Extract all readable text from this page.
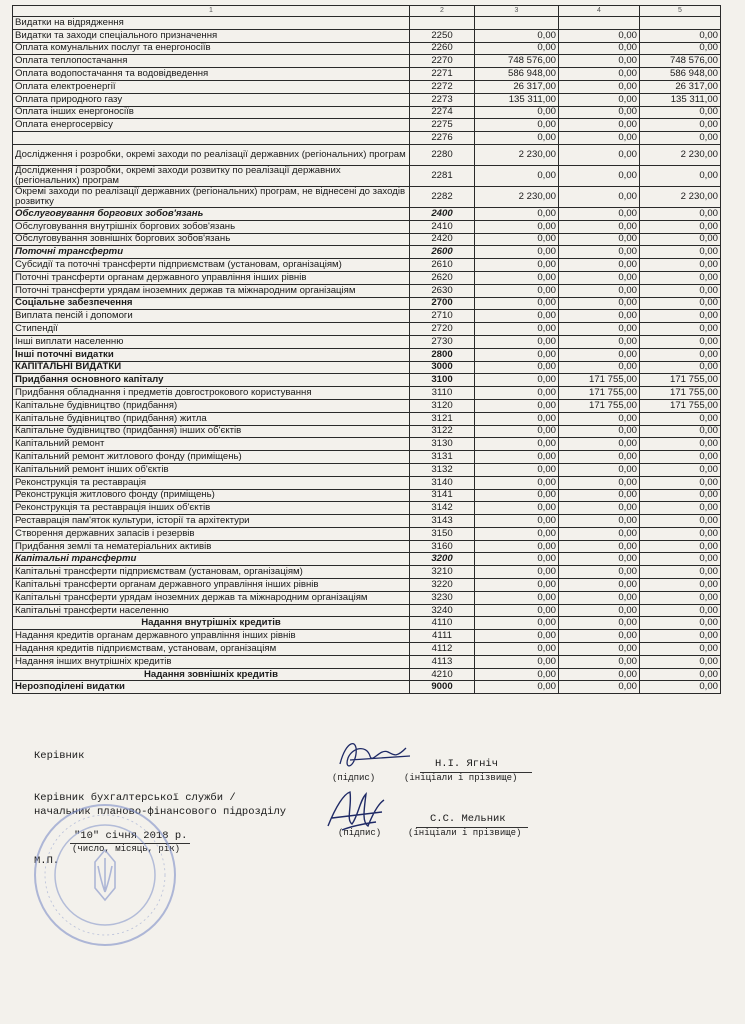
1	2	3	4	5
Видатки на відрядження				
Видатки та заходи спеціального призначення	2250	0,00	0,00	0,00
Оплата комунальних послуг та енергоносіїв	2260	0,00	0,00	0,00
Оплата теплопостачання	2270	748 576,00	0,00	748 576,00
Оплата водопостачання та водовідведення	2271	586 948,00	0,00	586 948,00
Оплата електроенергії	2272	26 317,00	0,00	26 317,00
Оплата природного газу	2273	135 311,00	0,00	135 311,00
Оплата інших енергоносіїв	2274	0,00	0,00	0,00
Оплата енергосервісу	2275	0,00	0,00	0,00
	2276	0,00	0,00	0,00
Дослідження і розробки, окремі заходи по реалізації державних (регіональних) програм	2280	2 230,00	0,00	2 230,00
Дослідження і розробки, окремі заходи розвитку по реалізації державних (регіональних) програм	2281	0,00	0,00	0,00
Окремі заходи по реалізації державних (регіональних) програм, не віднесені до заходів розвитку	2282	2 230,00	0,00	2 230,00
Обслуговування боргових зобов'язань	2400	0,00	0,00	0,00
Обслуговування внутрішніх боргових зобов'язань	2410	0,00	0,00	0,00
Обслуговування зовнішніх боргових зобов'язань	2420	0,00	0,00	0,00
Поточні трансферти	2600	0,00	0,00	0,00
Субсидії та поточні трансферти підприємствам (установам, організаціям)	2610	0,00	0,00	0,00
Поточні трансферти органам державного управління інших рівнів	2620	0,00	0,00	0,00
Поточні трансферти урядам іноземних держав та міжнародним організаціям	2630	0,00	0,00	0,00
Соціальне забезпечення	2700	0,00	0,00	0,00
Виплата пенсій і допомоги	2710	0,00	0,00	0,00
Стипендії	2720	0,00	0,00	0,00
Інші виплати населенню	2730	0,00	0,00	0,00
Інші поточні видатки	2800	0,00	0,00	0,00
КАПІТАЛЬНІ ВИДАТКИ	3000	0,00	0,00	0,00
Придбання основного капіталу	3100	0,00	171 755,00	171 755,00
Придбання обладнання і предметів довгострокового користування	3110	0,00	171 755,00	171 755,00
Капітальне будівництво (придбання)	3120	0,00	171 755,00	171 755,00
Капітальне будівництво (придбання) житла	3121	0,00	0,00	0,00
Капітальне будівництво (придбання) інших об'єктів	3122	0,00	0,00	0,00
Капітальний ремонт	3130	0,00	0,00	0,00
Капітальний ремонт житлового фонду (приміщень)	3131	0,00	0,00	0,00
Капітальний ремонт інших об'єктів	3132	0,00	0,00	0,00
Реконструкція та реставрація	3140	0,00	0,00	0,00
Реконструкція житлового фонду (приміщень)	3141	0,00	0,00	0,00
Реконструкція та реставрація інших об'єктів	3142	0,00	0,00	0,00
Реставрація пам'яток культури, історії та архітектури	3143	0,00	0,00	0,00
Створення державних запасів і резервів	3150	0,00	0,00	0,00
Придбання землі та нематеріальних активів	3160	0,00	0,00	0,00
Капітальні трансферти	3200	0,00	0,00	0,00
Капітальні трансферти підприємствам (установам, організаціям)	3210	0,00	0,00	0,00
Капітальні трансферти органам державного управління інших рівнів	3220	0,00	0,00	0,00
Капітальні трансферти урядам іноземних держав та міжнародним організаціям	3230	0,00	0,00	0,00
Капітальні трансферти населенню	3240	0,00	0,00	0,00
Надання внутрішніх кредитів	4110	0,00	0,00	0,00
Надання кредитів органам державного управління інших рівнів	4111	0,00	0,00	0,00
Надання кредитів підприємствам, установам, організаціям	4112	0,00	0,00	0,00
Надання інших внутрішніх кредитів	4113	0,00	0,00	0,00
Надання зовнішніх кредитів	4210	0,00	0,00	0,00
Нерозподілені видатки	9000	0,00	0,00	0,00
Керівник
Н.І. Ягніч
(підпис)	(ініціали і прізвище)
Керівник бухгалтерської служби /
начальник планово-фінансового підрозділу
С.С. Мельник
(підпис)	(ініціали і прізвище)
"10" січня 2018 р.
(число, місяць, рік)
М.П.
